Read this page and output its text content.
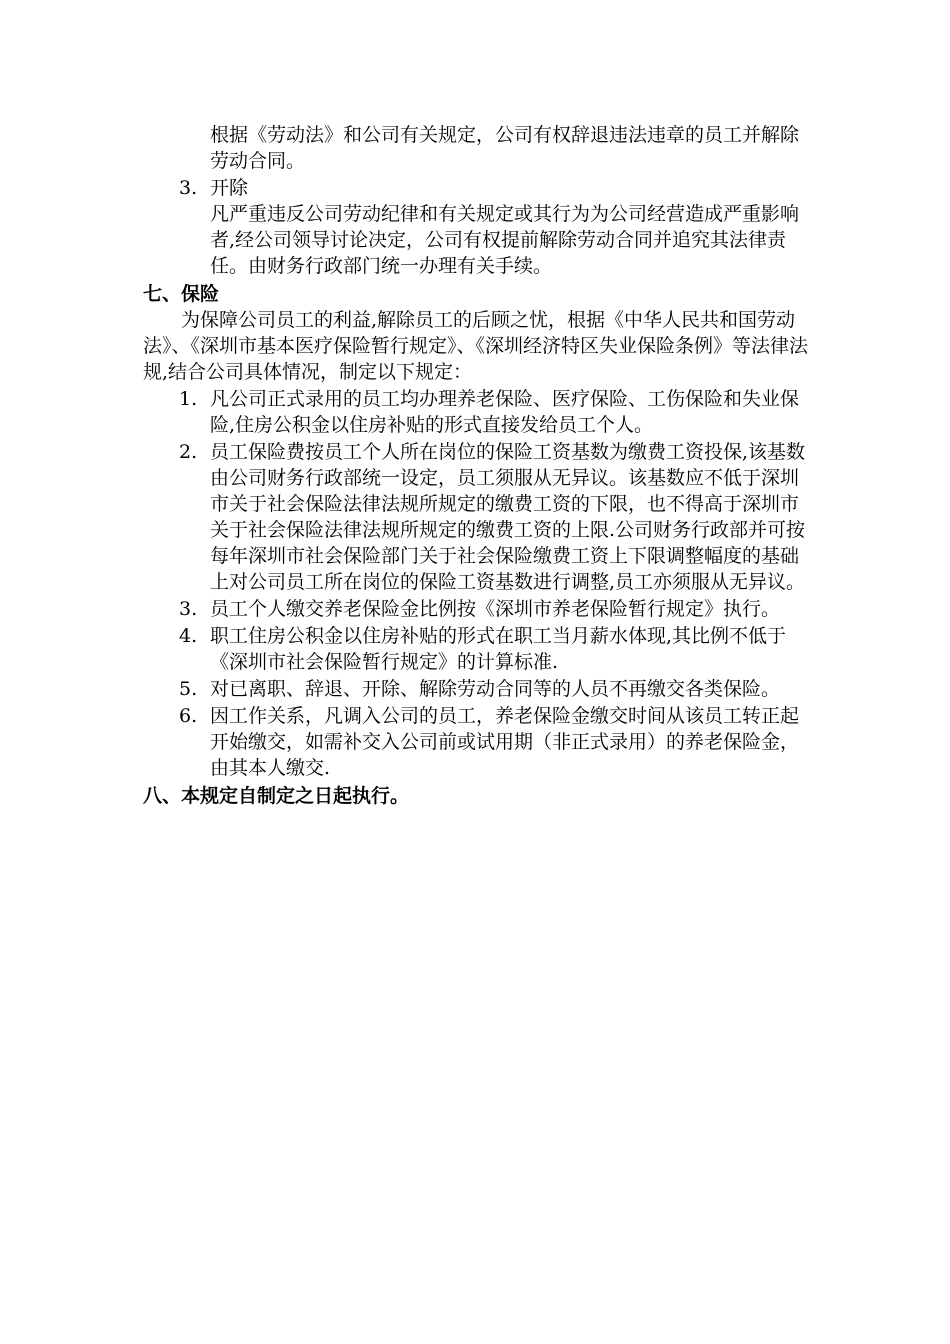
根据《劳动法》和公司有关规定，公司有权辞退违法违章的员工并解除劳动合同。

3. 开除

凡严重违反公司劳动纪律和有关规定或其行为为公司经营造成严重影响者,经公司领导讨论决定，公司有权提前解除劳动合同并追究其法律责任。由财务行政部门统一办理有关手续。

七、保险

为保障公司员工的利益,解除员工的后顾之忧，根据《中华人民共和国劳动法》、《深圳市基本医疗保险暂行规定》、《深圳经济特区失业保险条例》等法律法规,结合公司具体情况，制定以下规定：

1. 凡公司正式录用的员工均办理养老保险、医疗保险、工伤保险和失业保险,住房公积金以住房补贴的形式直接发给员工个人。
2. 员工保险费按员工个人所在岗位的保险工资基数为缴费工资投保,该基数由公司财务行政部统一设定，员工须服从无异议。该基数应不低于深圳市关于社会保险法律法规所规定的缴费工资的下限，也不得高于深圳市关于社会保险法律法规所规定的缴费工资的上限.公司财务行政部并可按每年深圳市社会保险部门关于社会保险缴费工资上下限调整幅度的基础上对公司员工所在岗位的保险工资基数进行调整,员工亦须服从无异议。
3. 员工个人缴交养老保险金比例按《深圳市养老保险暂行规定》执行。
4. 职工住房公积金以住房补贴的形式在职工当月薪水体现,其比例不低于《深圳市社会保险暂行规定》的计算标准.
5. 对已离职、辞退、开除、解除劳动合同等的人员不再缴交各类保险。
6. 因工作关系，凡调入公司的员工，养老保险金缴交时间从该员工转正起开始缴交，如需补交入公司前或试用期（非正式录用）的养老保险金，由其本人缴交.
八、本规定自制定之日起执行。
